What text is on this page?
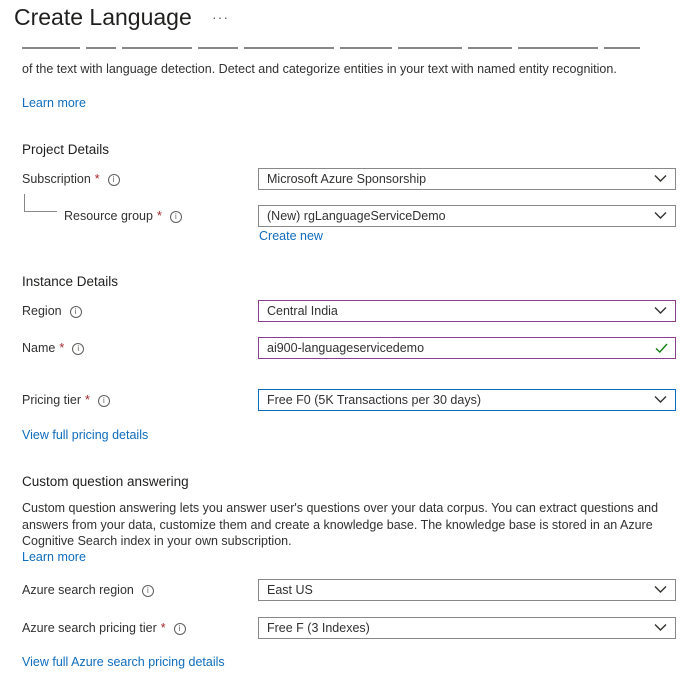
Create Language ···
of the text with language detection. Detect and categorize entities in your text with named entity recognition.
Learn more
Project Details
Subscription * i	Microsoft Azure Sponsorship
Resource group * i	(New) rgLanguageServiceDemo
Create new
Instance Details
Region i	Central India
Name * i	ai900-languageservicedemo
Pricing tier * i	Free F0 (5K Transactions per 30 days)
View full pricing details
Custom question answering
Custom question answering lets you answer user's questions over your data corpus. You can extract questions and
answers from your data, customize them and create a knowledge base. The knowledge base is stored in an Azure
Cognitive Search index in your own subscription.
Learn more
Azure search region i	East US
Azure search pricing tier * i	Free F (3 Indexes)
View full Azure search pricing details
